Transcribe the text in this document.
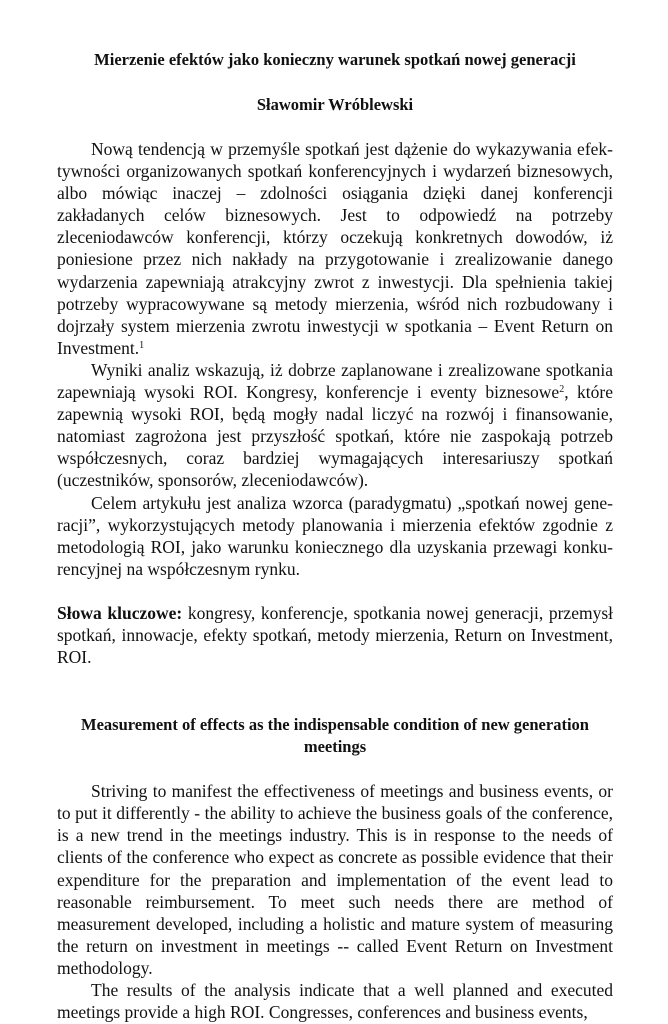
Mierzenie efektów jako konieczny warunek spotkań nowej generacji
Sławomir Wróblewski

Nową tendencją w przemyśle spotkań jest dążenie do wykazywania efektywności organizowanych spotkań konferencyjnych i wydarzeń biznesowych, albo mówiąc inaczej – zdolności osiągania dzięki danej konferencji zakładanych celów biznesowych. Jest to odpowiedź na potrzeby zleceniodawców konferencji, którzy oczekują konkretnych dowodów, iż poniesione przez nich nakłady na przygotowanie i zrealizowanie danego wydarzenia zapewniają atrakcyjny zwrot z inwestycji. Dla spełnienia takiej potrzeby wypracowywane są metody mierzenia, wśród nich rozbudowany i dojrzały system mierzenia zwrotu inwestycji w spotkania – Event Return on Investment.$^1$

Wyniki analiz wskazują, iż dobrze zaplanowane i zrealizowane spotkania zapewniają wysoki ROI. Kongresy, konferencje i eventy biznesowe$^2$, które zapewnią wysoki ROI, będą mogły nadal liczyć na rozwój i finansowanie, natomiast zagrożona jest przyszłość spotkań, które nie zaspokają potrzeb współczesnych, coraz bardziej wymagających interesariuszy spotkań (uczestników, sponsorów, zleceniodawców).

Celem artykułu jest analiza wzorca (paradygmatu) „spotkań nowej generacji”, wykorzystujących metody planowania i mierzenia efektów zgodnie z metodologią ROI, jako warunku koniecznego dla uzyskania przewagi konkurencyjnej na współczesnym rynku.

Słowa kluczowe: kongresy, konferencje, spotkania nowej generacji, przemysł spotkań, innowacje, efekty spotkań, metody mierzenia, Return on Investment, ROI.
Measurement of effects as the indispensable condition of new generation meetings

Striving to manifest the effectiveness of meetings and business events, or to put it differently - the ability to achieve the business goals of the conference, is a new trend in the meetings industry. This is in response to the needs of clients of the conference who expect as concrete as possible evidence that their expenditure for the preparation and implementation of the event lead to reasonable reimbursement. To meet such needs there are method of measurement developed, including a holistic and mature system of measuring the return on investment in meetings -- called Event Return on Investment methodology.

The results of the analysis indicate that a well planned and executed meetings provide a high ROI. Congresses, conferences and business events,
